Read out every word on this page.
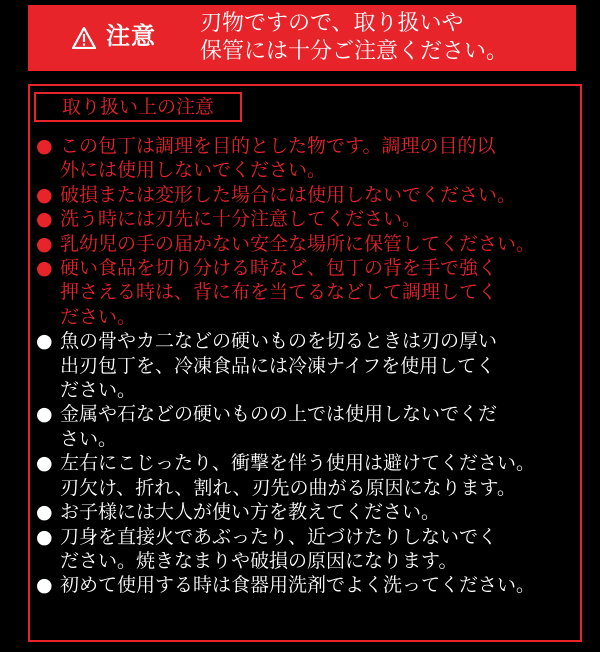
注意 刃物ですので、取り扱いや
保管には十分ご注意ください。
取り扱い上の注意
● この包丁は調理を目的とした物です。調理の目的以
外には使用しないでください。
● 破損または変形した場合には使用しないでください。
● 洗う時には刃先に十分注意してください。
● 乳幼児の手の届かない安全な場所に保管してください。
● 硬い食品を切り分ける時など、包丁の背を手で強く
押さえる時は、背に布を当てるなどして調理してく
ださい。
● 魚の骨やカ二などの硬いものを切るときは刃の厚い
出刃包丁を、冷凍食品には冷凍ナイフを使用してく
ださい。
● 金属や石などの硬いものの上では使用しないでくだ
さい。
● 左右にこじったり、衝撃を伴う使用は避けてください。
刃欠け、折れ、割れ、刃先の曲がる原因になります。
● お子様には大人が使い方を教えてください。
● 刀身を直接火であぶったり、近づけたりしないでく
ださい。焼きなまりや破損の原因になります。
● 初めて使用する時は食器用洗剤でよく洗ってください。
